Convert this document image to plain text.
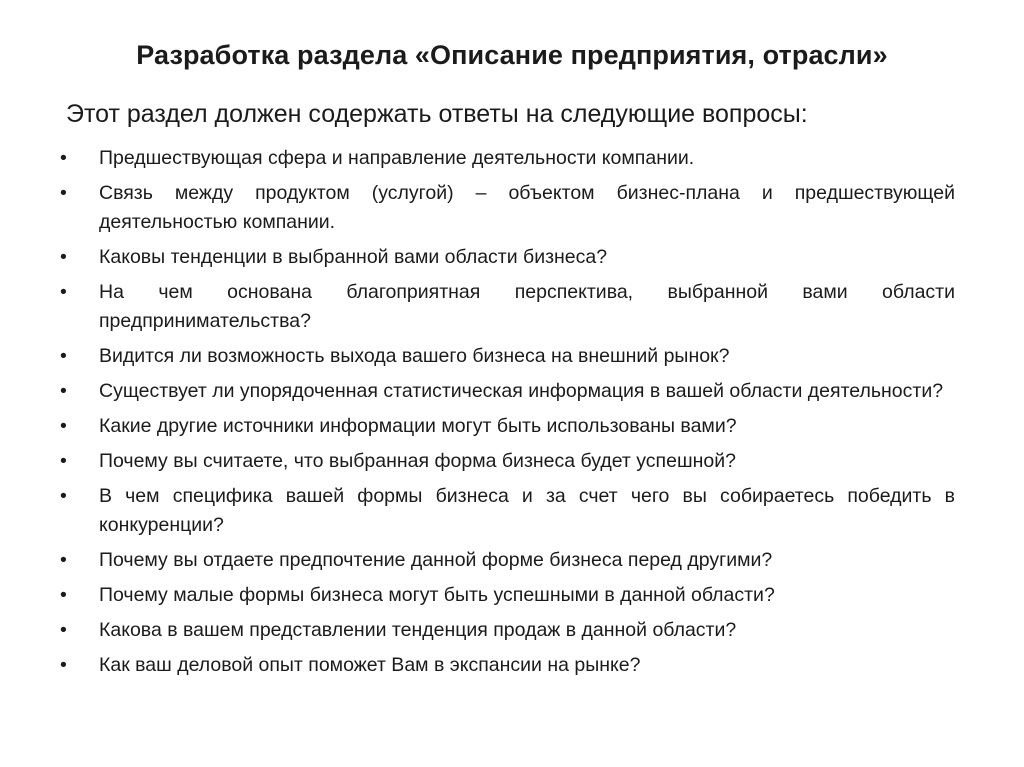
Разработка раздела «Описание предприятия, отрасли»
Этот раздел должен содержать ответы на следующие вопросы:
•	Предшествующая сфера и направление деятельности компании.
•	Связь между продуктом (услугой) – объектом бизнес-плана и предшествующей деятельностью компании.
•	Каковы тенденции в выбранной вами области бизнеса?
•	На чем основана благоприятная перспектива, выбранной вами области предпринимательства?
•	Видится ли возможность выхода вашего бизнеса на внешний рынок?
•	Существует ли упорядоченная статистическая информация в вашей области деятельности?
•	Какие другие источники информации могут быть использованы вами?
•	Почему вы считаете, что выбранная форма бизнеса будет успешной?
•	В чем специфика вашей формы бизнеса и за счет чего вы собираетесь победить в конкуренции?
•	Почему вы отдаете предпочтение данной форме бизнеса перед другими?
•	Почему малые формы бизнеса могут быть успешными в данной области?
•	Какова в вашем представлении тенденция продаж в данной области?
•	Как ваш деловой опыт поможет Вам в экспансии на рынке?
